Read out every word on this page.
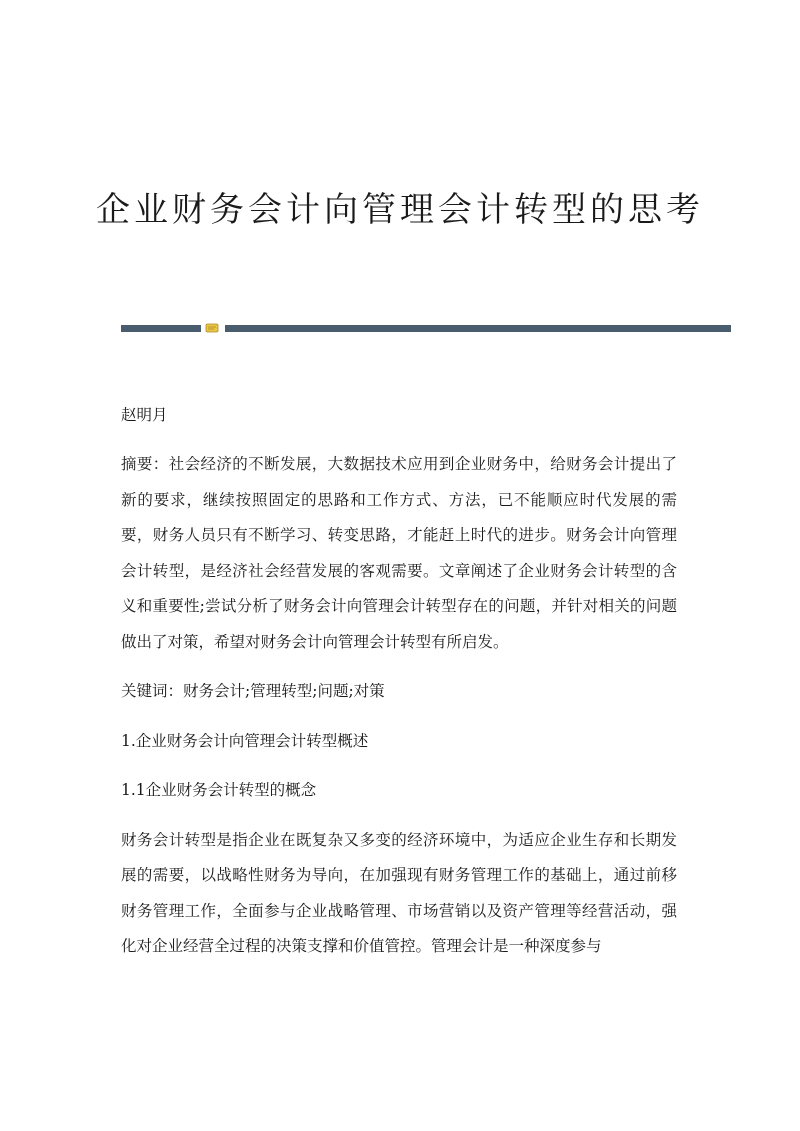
企业财务会计向管理会计转型的思考

赵明月

摘要：社会经济的不断发展，大数据技术应用到企业财务中，给财务会计提出了新的要求，继续按照固定的思路和工作方式、方法，已不能顺应时代发展的需要，财务人员只有不断学习、转变思路，才能赶上时代的进步。财务会计向管理会计转型，是经济社会经营发展的客观需要。文章阐述了企业财务会计转型的含义和重要性;尝试分析了财务会计向管理会计转型存在的问题，并针对相关的问题做出了对策，希望对财务会计向管理会计转型有所启发。

关键词：财务会计;管理转型;问题;对策

1.企业财务会计向管理会计转型概述

1.1企业财务会计转型的概念

财务会计转型是指企业在既复杂又多变的经济环境中，为适应企业生存和长期发展的需要，以战略性财务为导向，在加强现有财务管理工作的基础上，通过前移财务管理工作，全面参与企业战略管理、市场营销以及资产管理等经营活动，强化对企业经营全过程的决策支撑和价值管控。管理会计是一种深度参与
